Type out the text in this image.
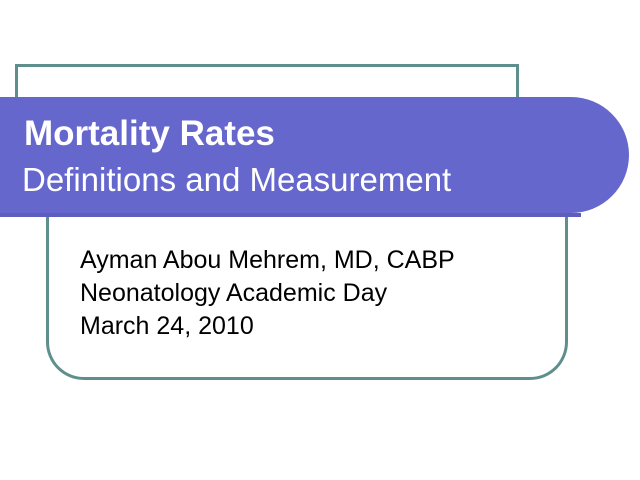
Mortality Rates
Definitions and Measurement
Ayman Abou Mehrem, MD, CABP
Neonatology Academic Day
March 24, 2010
